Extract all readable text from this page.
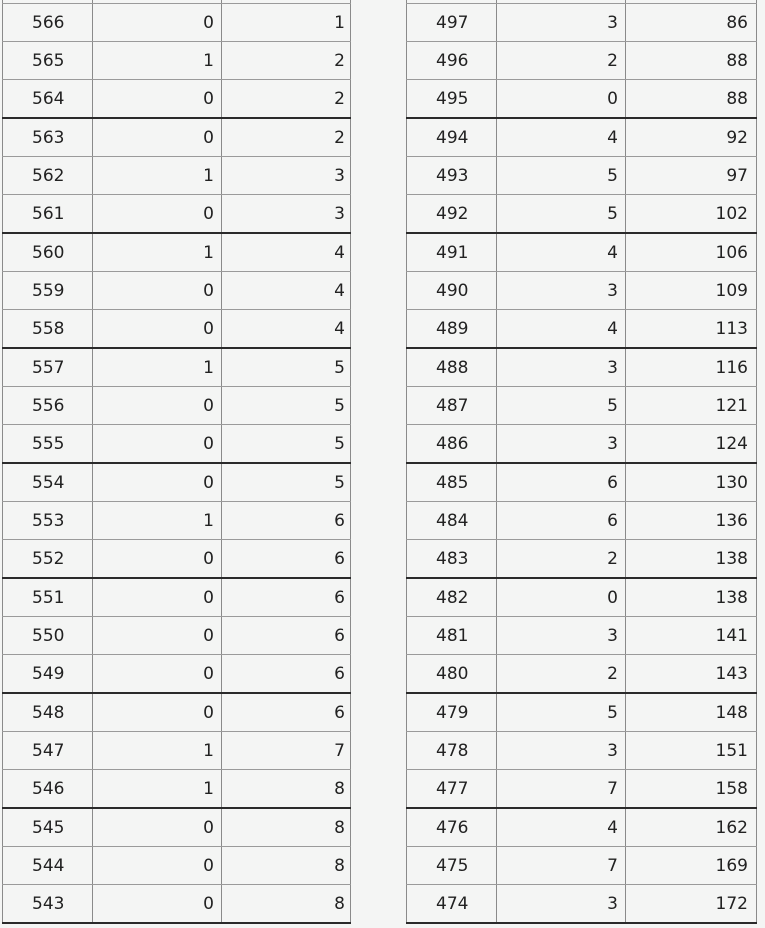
566	0	1
565	1	2
564	0	2
563	0	2
562	1	3
561	0	3
560	1	4
559	0	4
558	0	4
557	1	5
556	0	5
555	0	5
554	0	5
553	1	6
552	0	6
551	0	6
550	0	6
549	0	6
548	0	6
547	1	7
546	1	8
545	0	8
544	0	8
543	0	8

497	3	86
496	2	88
495	0	88
494	4	92
493	5	97
492	5	102
491	4	106
490	3	109
489	4	113
488	3	116
487	5	121
486	3	124
485	6	130
484	6	136
483	2	138
482	0	138
481	3	141
480	2	143
479	5	148
478	3	151
477	7	158
476	4	162
475	7	169
474	3	172
